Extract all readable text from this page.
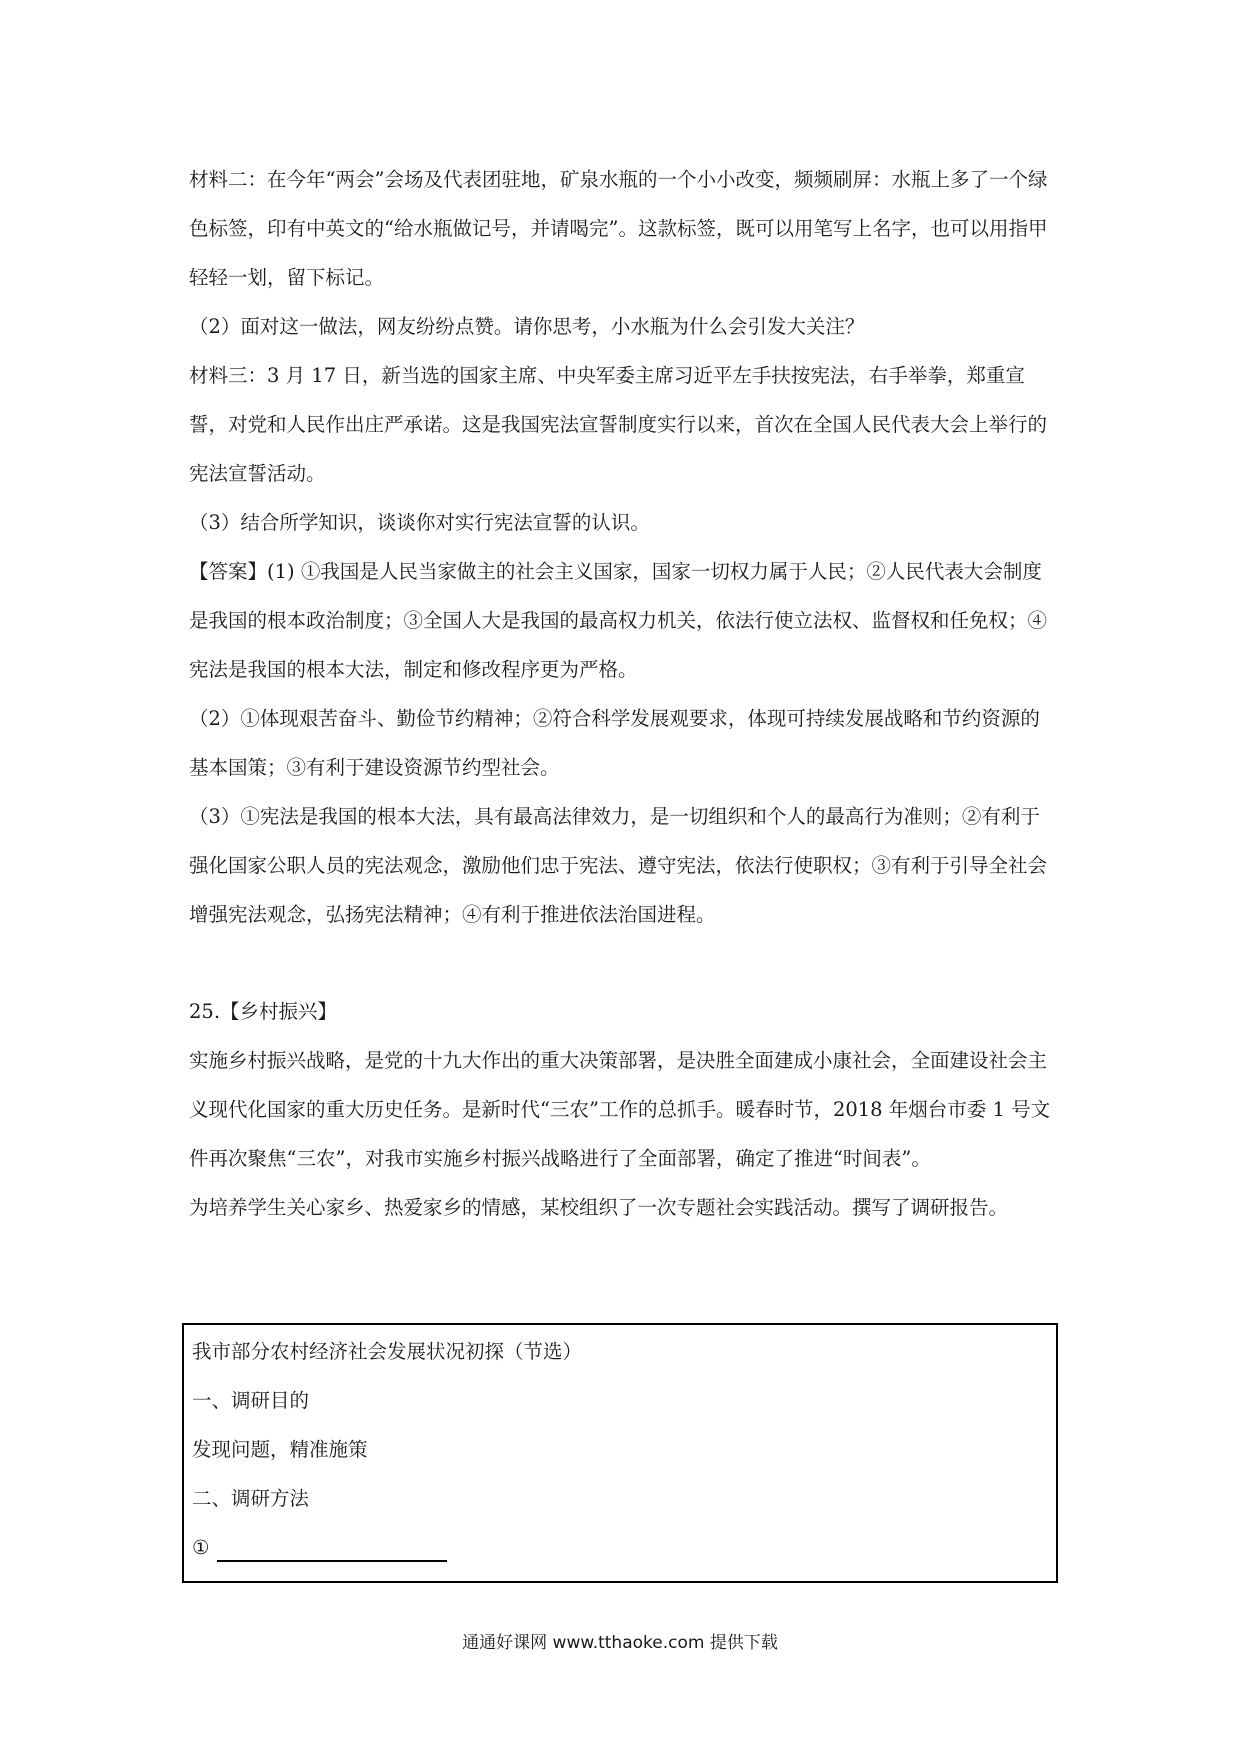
材料二：在今年“两会”会场及代表团驻地，矿泉水瓶的一个小小改变，频频刷屏：水瓶上多了一个绿色标签，印有中英文的“给水瓶做记号，并请喝完”。这款标签，既可以用笔写上名字，也可以用指甲轻轻一划，留下标记。

（2）面对这一做法，网友纷纷点赞。请你思考，小水瓶为什么会引发大关注？

材料三：3 月 17 日，新当选的国家主席、中央军委主席习近平左手扶按宪法，右手举拳，郑重宣誓，对党和人民作出庄严承诺。这是我国宪法宣誓制度实行以来，首次在全国人民代表大会上举行的宪法宣誓活动。

（3）结合所学知识，谈谈你对实行宪法宣誓的认识。

【答案】(1) ①我国是人民当家做主的社会主义国家，国家一切权力属于人民；②人民代表大会制度是我国的根本政治制度；③全国人大是我国的最高权力机关，依法行使立法权、监督权和任免权；④宪法是我国的根本大法，制定和修改程序更为严格。

（2）①体现艰苦奋斗、勤俭节约精神；②符合科学发展观要求，体现可持续发展战略和节约资源的基本国策；③有利于建设资源节约型社会。

（3）①宪法是我国的根本大法，具有最高法律效力，是一切组织和个人的最高行为准则；②有利于强化国家公职人员的宪法观念，激励他们忠于宪法、遵守宪法，依法行使职权；③有利于引导全社会增强宪法观念，弘扬宪法精神；④有利于推进依法治国进程。

25.【乡村振兴】

实施乡村振兴战略，是党的十九大作出的重大决策部署，是决胜全面建成小康社会，全面建设社会主义现代化国家的重大历史任务。是新时代“三农”工作的总抓手。暖春时节，2018 年烟台市委 1 号文件再次聚焦“三农”，对我市实施乡村振兴战略进行了全面部署，确定了推进“时间表”。

为培养学生关心家乡、热爱家乡的情感，某校组织了一次专题社会实践活动。撰写了调研报告。

我市部分农村经济社会发展状况初探（节选）

一、调研目的

发现问题，精准施策

二、调研方法

①

通通好课网 www.tthaoke.com 提供下载
